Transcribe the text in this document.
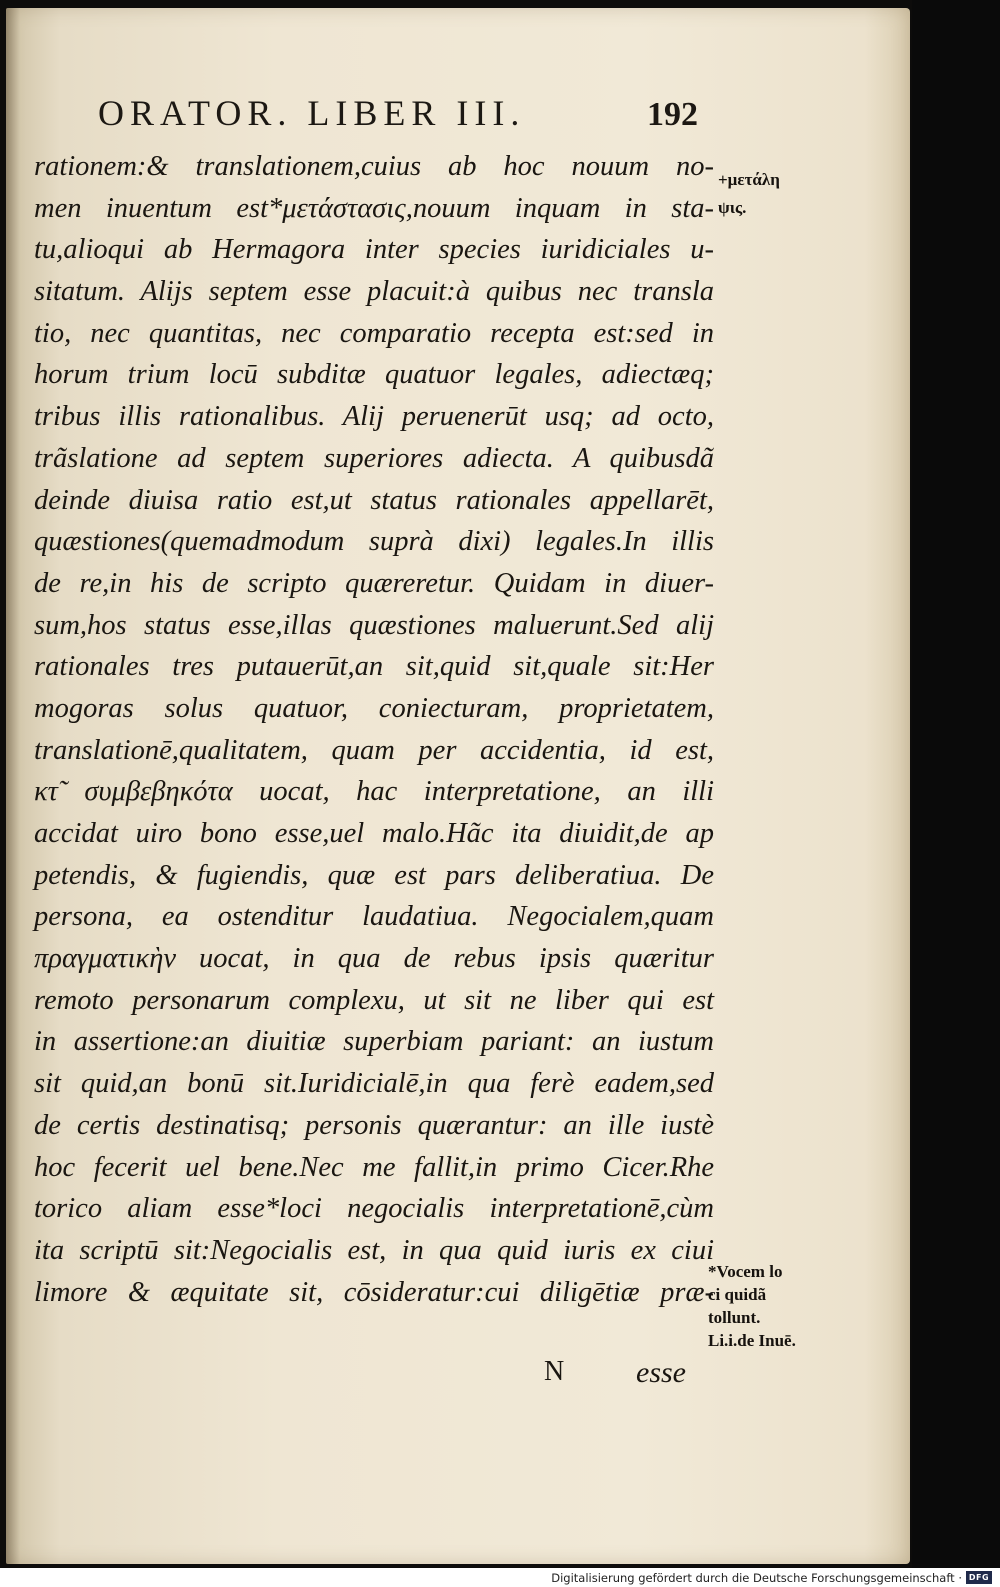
ORATOR. LIBER III.	192
rationem:& translationem,cuius ab hoc nouum no-
men inuentum est*μετάστασις,nouum inquam in sta-
tu,alioqui ab Hermagora inter species iuridiciales u-
sitatum. Alijs septem esse placuit:à quibus nec transla
tio, nec quantitas, nec comparatio recepta est:sed in
horum trium locū subditæ quatuor legales, adiectæq;
tribus illis rationalibus. Alij peruenerūt usq; ad octo,
trãslatione ad septem superiores adiecta. A quibusdã
deinde diuisa ratio est,ut status rationales appellarēt,
quæstiones(quemadmodum suprà dixi) legales.In illis
de re,in his de scripto quæreretur. Quidam in diuer-
sum,hos status esse,illas quæstiones maluerunt.Sed alij
rationales tres putauerūt,an sit,quid sit,quale sit:Her
mogoras solus quatuor, coniecturam, proprietatem,
translationē,qualitatem, quam per accidentia, id est,
κτ̃ συμβεβηκότα uocat, hac interpretatione, an illi
accidat uiro bono esse,uel malo.Hãc ita diuidit,de ap
petendis, & fugiendis, quæ est pars deliberatiua. De
persona, ea ostenditur laudatiua. Negocialem,quam
πραγματικὴν uocat, in qua de rebus ipsis quæritur
remoto personarum complexu, ut sit ne liber qui est
in assertione:an diuitiæ superbiam pariant: an iustum
sit quid,an bonū sit.Iuridicialē,in qua ferè eadem,sed
de certis destinatisq; personis quærantur: an ille iustè
hoc fecerit uel bene.Nec me fallit,in primo Cicer.Rhe
torico aliam esse*loci negocialis interpretationē,cùm
ita scriptū sit:Negocialis est, in qua quid iuris ex ciui
limore & æquitate sit, cōsideratur:cui diligētiæ præ-
N esse
+μετάλη
ψις.
*Vocem lo
ci quidã
tollunt.
Li.i.de Inuē.
Digitalisierung gefördert durch die Deutsche Forschungsgemeinschaft · DFG
